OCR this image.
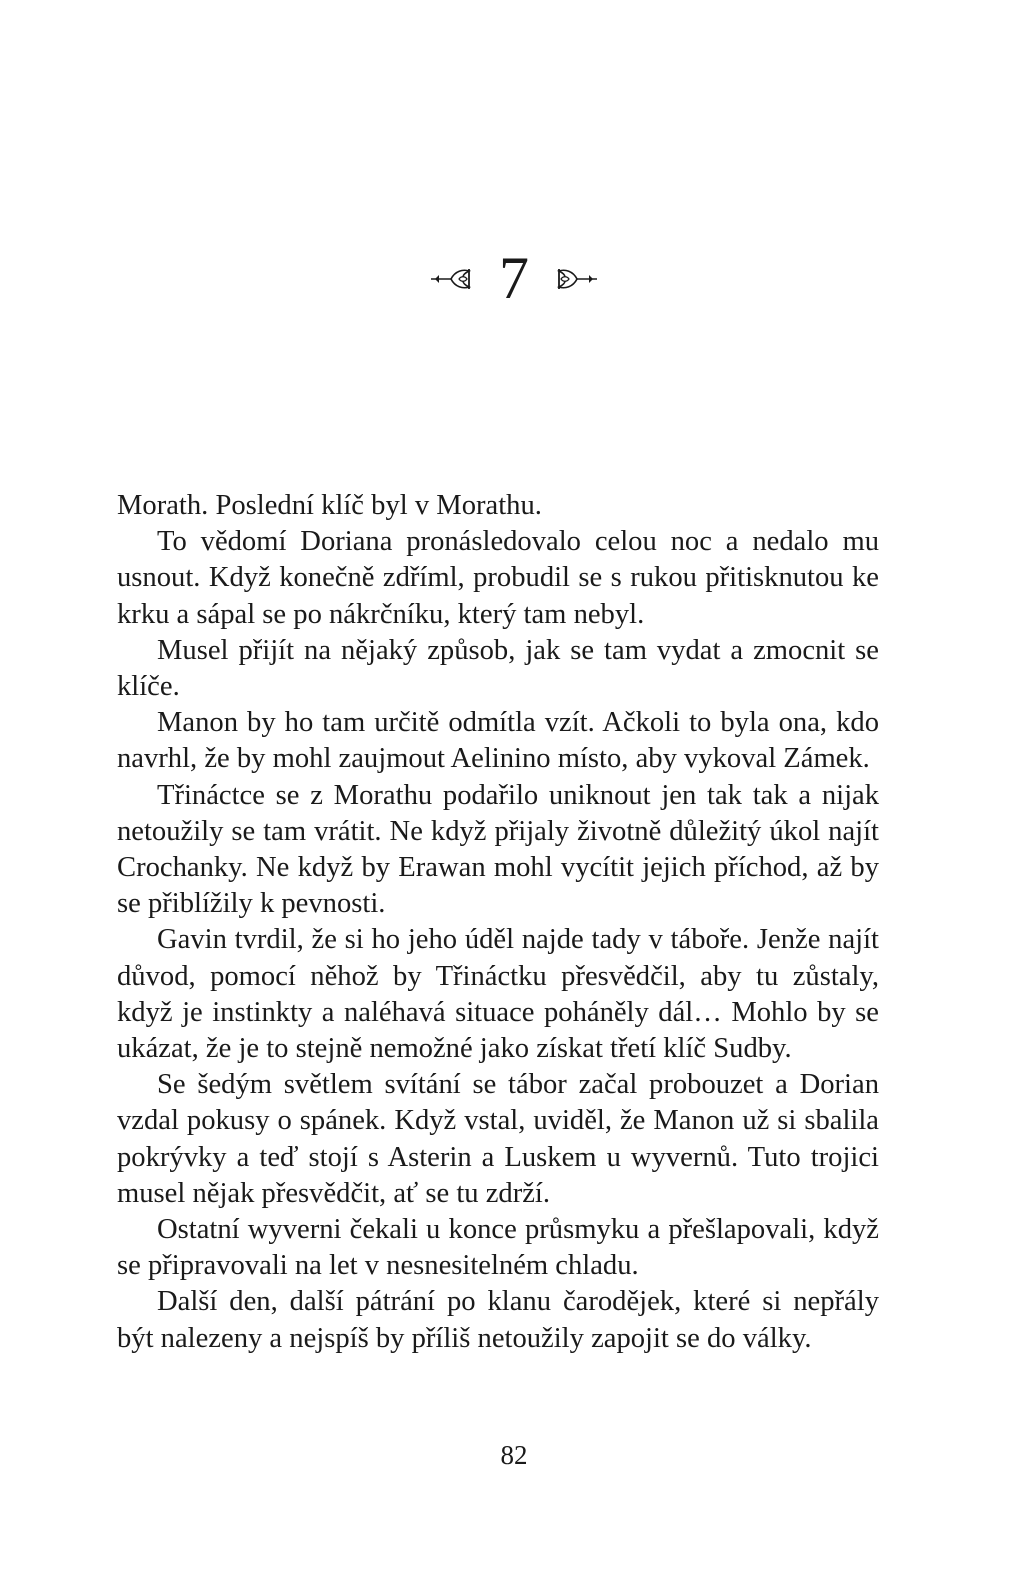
7

Morath. Poslední klíč byl v Morathu.

To vědomí Doriana pronásledovalo celou noc a nedalo mu usnout. Když konečně zdříml, probudil se s rukou přitisknutou ke krku a sápal se po nákrčníku, který tam nebyl.

Musel přijít na nějaký způsob, jak se tam vydat a zmocnit se klíče.

Manon by ho tam určitě odmítla vzít. Ačkoli to byla ona, kdo navrhl, že by mohl zaujmout Aelinino místo, aby vykoval Zámek.

Třináctce se z Morathu podařilo uniknout jen tak tak a nijak netoužily se tam vrátit. Ne když přijaly životně důležitý úkol najít Crochanky. Ne když by Erawan mohl vycítit jejich příchod, až by se přiblížily k pevnosti.

Gavin tvrdil, že si ho jeho úděl najde tady v táboře. Jenže najít důvod, pomocí něhož by Třináctku přesvědčil, aby tu zůstaly, když je instinkty a naléhavá situace poháněly dál… Mohlo by se ukázat, že je to stejně nemožné jako získat třetí klíč Sudby.

Se šedým světlem svítání se tábor začal probouzet a Dorian vzdal pokusy o spánek. Když vstal, uviděl, že Manon už si sbalila pokrývky a teď stojí s Asterin a Luskem u wyvernů. Tuto trojici musel nějak přesvědčit, ať se tu zdrží.

Ostatní wyverni čekali u konce průsmyku a přešlapovali, když se připravovali na let v nesnesitelném chladu.

Další den, další pátrání po klanu čarodějek, které si nepřály být nalezeny a nejspíš by příliš netoužily zapojit se do války.

82
